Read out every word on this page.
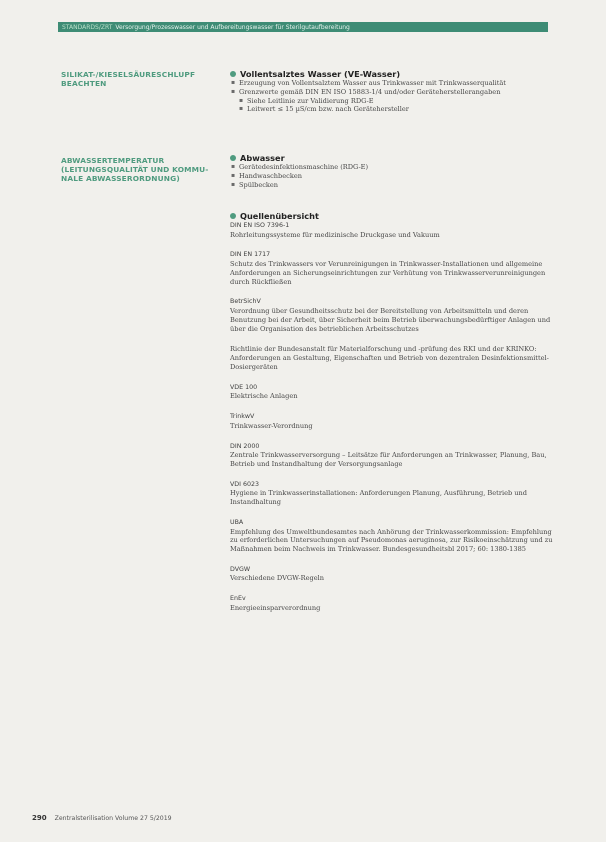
STANDARDS/ZRT Versorgung/Prozesswasser und Aufbereitungswasser für Sterilgutaufbereitung
SILIKAT-/KIESELSÄURESCHLUPF BEACHTEN
ABWASSERTEMPERATUR
(LEITUNGSQUALITÄT UND KOMMU-
NALE ABWASSERORDNUNG)
Vollentsalztes Wasser (VE-Wasser)
▪ Erzeugung von Vollentsalztem Wasser aus Trinkwasser mit Trinkwasserqualität
▪ Grenzwerte gemäß DIN EN ISO 15883-1/4 und/oder Geräteherstellerangaben
▪ Siehe Leitlinie zur Validierung RDG-E
▪ Leitwert ≤ 15 µS/cm bzw. nach Gerätehersteller
Abwasser
▪ Gerätedesinfektionsmaschine (RDG-E)
▪ Handwaschbecken
▪ Spülbecken
Quellenübersicht
DIN EN ISO 7396-1
Rohrleitungssysteme für medizinische Druckgase und Vakuum
DIN EN 1717
Schutz des Trinkwassers vor Verunreinigungen in Trinkwasser-Installationen und allgemeine Anforderungen an Sicherungseinrichtungen zur Verhütung von Trinkwasserverunreinigungen durch Rückfließen
BetrSichV
Verordnung über Gesundheitsschutz bei der Bereitstellung von Arbeitsmitteln und deren Benutzung bei der Arbeit, über Sicherheit beim Betrieb überwachungsbedürftiger Anlagen und über die Organisation des betrieblichen Arbeitsschutzes
Richtlinie der Bundesanstalt für Materialforschung und -prüfung des RKI und der KRINKO: Anforderungen an Gestaltung, Eigenschaften und Betrieb von dezentralen Desinfektionsmittel-Dosiergeräten
VDE 100
Elektrische Anlagen
TrinkwV
Trinkwasser-Verordnung
DIN 2000
Zentrale Trinkwasserversorgung – Leitsätze für Anforderungen an Trinkwasser, Planung, Bau, Betrieb und Instandhaltung der Versorgungsanlage
VDI 6023
Hygiene in Trinkwasserinstallationen: Anforderungen Planung, Ausführung, Betrieb und Instandhaltung
UBA
Empfehlung des Umweltbundesamtes nach Anhörung der Trinkwasserkommission: Empfehlung zu erforderlichen Untersuchungen auf Pseudomonas aeruginosa, zur Risikoeinschätzung und zu Maßnahmen beim Nachweis im Trinkwasser. Bundesgesundheitsbl 2017; 60: 1380-1385
DVGW
Verschiedene DVGW-Regeln
EnEv
Energieeinsparverordnung
290 Zentralsterilisation Volume 27 5/2019
